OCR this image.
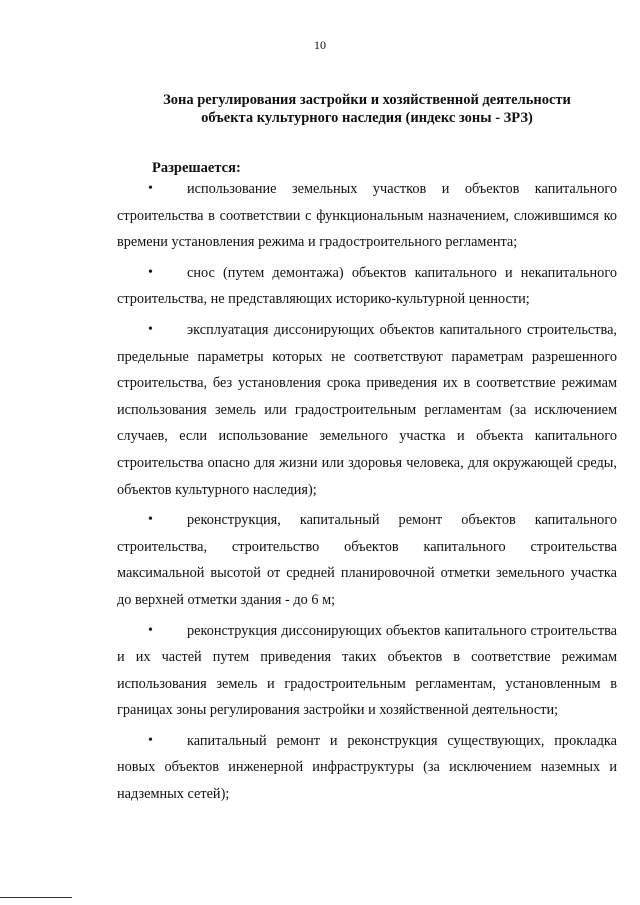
10
Зона регулирования застройки и хозяйственной деятельности
объекта культурного наследия (индекс зоны - ЗРЗ)
Разрешается:
• использование земельных участков и объектов капитального строительства в соответствии с функциональным назначением, сложившимся ко времени установления режима и градостроительного регламента;
• снос (путем демонтажа) объектов капитального и некапитального строительства, не представляющих историко-культурной ценности;
• эксплуатация диссонирующих объектов капитального строительства, предельные параметры которых не соответствуют параметрам разрешенного строительства, без установления срока приведения их в соответствие режимам использования земель или градостроительным регламентам (за исключением случаев, если использование земельного участка и объекта капитального строительства опасно для жизни или здоровья человека, для окружающей среды, объектов культурного наследия);
• реконструкция, капитальный ремонт объектов капитального строительства, строительство объектов капитального строительства максимальной высотой от средней планировочной отметки земельного участка до верхней отметки здания - до 6 м;
• реконструкция диссонирующих объектов капитального строительства и их частей путем приведения таких объектов в соответствие режимам использования земель и градостроительным регламентам, установленным в границах зоны регулирования застройки и хозяйственной деятельности;
• капитальный ремонт и реконструкция существующих, прокладка новых объектов инженерной инфраструктуры (за исключением наземных и надземных сетей);
